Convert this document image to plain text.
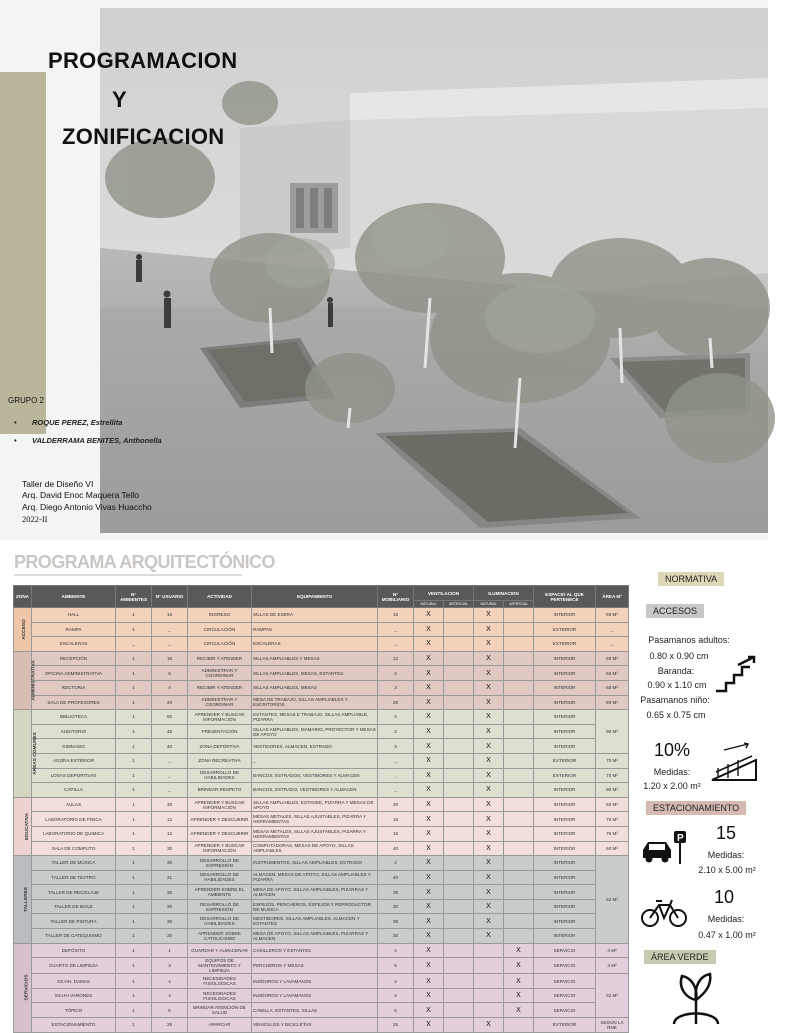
PROGRAMACION
Y
ZONIFICACION
GRUPO 2
• ROQUE PEREZ, Estrellita
• VALDERRAMA BENITES, Anthonella
Taller de Diseño VI
Arq. David Enoc Maquera Tello
Arq. Diego Antonio Vivas Huaccho
2022-II
PROGRAMA ARQUITECTÓNICO
ZONA	AMBIENTE	N° AMBIENTES	N° USUARIO	ACTIVIDAD	EQUIPAMIENTO	N° MOBILIARIO	VENTILACION		ILUMINACION		ESPACIO AL QUE PERTENECE	ÁREA M²
							NATURAL	ARTIFICIAL	NATURAL	ARTIFICIAL		
ACCESO	HALL	1	15	INGRESO	SILLAS DE ESERA	15	X		X		INTERIOR	50 M²
	RAMPA	1	_	CIRCULACIÓN	RAMPAS	_	X		X		EXTERIOR	_
	ESCALERAS	_	_	CIRCULACIÓN	ESCALERAS	_	X		X		EXTERIOR	_
ADMINISTRATIVA	RECEPCIÓN	1	15	RECIBIR Y ATENDER	SILLAS AMPLIABLES Y MESAS	12	X		X		INTERIOR	60 M²
	OFICINA ADMINISTRATIVA	1	6	ADMINISTRAR Y COORDINAR	SILLAS AMPLIABLES, MESAS, ESTANTES	3	X		X		INTERIOR	60 M²
	RECTORIA	1	4	RECIBIR Y ATENDER	SILLAS AMPLIABLES, MESAS	3	X		X		INTERIOR	60 M²
	SALA DE PROFESORES	1	20	ADMINISTRAR Y COORDINAR	MESA DE TRABAJO, SILLAS AMPLIABLES Y ESCRITORIOS	25	X		X		INTERIOR	60 M²
ÁREAS COMUNES	BIBLIOTECA	1	50	APRENDER Y BUSCAR INFORMACIÓN	ESTANTES, MESAS E TRABAJO, SILLAS AMPLIABLE, PIZARRA	4	X		X		INTERIOR	90 M²
	AUDITORIO	1	45	PRESENTACIÓN	SILLAS AMPLIABLES, MAMARIO, PROYECTOR Y MESAS DE APOYO	2	X		X		INTERIOR	
	GIMNASIO	1	40	ZONA DEPORTIVA	VESTIDORES, ALMACEN, ESTRADO	3	X		X		INTERIOR	
	AGORA EXTERIOR	1	_	ZONA RECREATIVA	_	_	X		X		EXTERIOR	70 M²
	LOSAS DEPORTIVAS	1	_	DESARROLLO DE HABILIDADES	BANCOS, ESTRADOS, VESTIBORES Y ALMACEN	_	X		X		EXTERIOR	70 M²
	CAPILLA	1	_	BRINDAR RESPETO	BANCOS, ESTRADO, VESTIBORES Y ALMACEN	_	X		X		INTERIOR	90 M²
EDUCATIVA	AULAS	1	30	APRENDER Y BUSCAR INFORMACIÓN	SILLAS AMPLIABLES, ESTANDE, PIZARRA Y MESAS DE APOYO	30	X		X		INTERIOR	60 M²
	LABORATORIO DE FÍSICA	1	12	APRENDER Y DESCUBRIR	MESAS METALES, SILLAS AJUSTABLES, PIZARRA Y HERRAMIENTAS	15	X		X		INTERIOR	75 M²
	LABORATORIO DE QUIMICA	1	12	APRENDER Y DESCUBRIR	MESAS METALES, SILLAS AJUSTABLES, PIZARRA Y HERRAMIENTAS	15	X		X		INTERIOR	75 M²
	SALA DE COMPUTO	1	30	APRENDER Y BUSCAR INFORMACIÓN	COMPUTADORAS, MESAS DE APOYO, SILLAS AMPLIABLES	40	X		X		INTERIOR	60 M²
TALLERES	TALLER DE MÚSICA	1	30	DESARROLLO DE EXPRESIÓN	INSTRUMENTOS, SILLAS AMPLIABLES, ESTRADO	2	X		X		INTERIOR	52 M²
	TALLER DE TEATRO	1	31	DESARROLLO DE HABILIDADES	ALMACEN, MESAS DE APOYO, SILLAS AMPLIABLES Y PIZARRA	40	X		X		INTERIOR	
	TALLER DE RECICLAJE	1	30	APRENDER SOBRE EL AMBIENTE	MESA DE APOYO, SILLAS AMPLIABLES, PIZARRAS Y ALMACEN	35	X		X		INTERIOR	
	TALLER DE BAILE	1	30	DESARROLLO DE EXPRESIÓN	ESPEJOS, PERCHEROS, ESPEJOS Y REPRODUCTOR DE MUSICA	30	X		X		INTERIOR	
	TALLER DE PINTURA	1	30	DESARROLLO DE HABILIDADES	MESTIBORES, SILLAS AMPLIABLES, ALMACEN Y ESTANTES	35	X		X		INTERIOR	
	TALLER DE CATEQUISMO	1	30	APRENDER SOBRE CATOLICISMO	MESA DE APOYO, SILLAS AMPLIABLES, PIZARRAS Y ALMACEN	30	X		X		INTERIOR	
SERVICIOS	DEPÓSITO	1	1	GUARDAR Y ALMACENAR	CASILLEROS Y ESTANTES	4	X			X	SERVICIO	4 M²
	CUARTO DE LIMPIEZA	1	3	EQUIPOS DE MANTENIMIENTO Y LIMPIEZA	PERCHEROS Y MESAS	6	X			X	SERVICIO	4 M²
	SS.HH. DAMAS	1	4	NECESIDADES FISIOLOGICAS	INODOROS Y LAVAMANOS	4	X			X	SERVICIO	32 M²
	SS.HH VARONES	1	4	NECESIDADES FISIOLOGICAS	INODOROS Y LAVAMANOS	4	X			X	SERVICIO	
	TÓPICO	1	5	BRINDAR ATENCIÓN DE SALUD	CAMILLA, ESTANTES, SILLAS	5	X			X	SERVICIO	
	ESTACIONAMIENTO	1	25	APARCAR	VEHICULOS Y BICICLETAS	25	X		X		EXTERIOR	SEGÚN LA RNE
NORMATIVA
ACCESOS
Pasamanos adultos:
0.80 x 0.90 cm
Baranda:
0.90 x 1.10 cm
Pasamanos niño:
0.65 x 0.75 cm
10%
Medidas:
1.20 x 2.00 m²
ESTACIONAMIENTO
P 15
Medidas:
2.10 x 5.00 m²
10
Medidas:
0.47 x 1.00 m²
ÁREA VERDE
